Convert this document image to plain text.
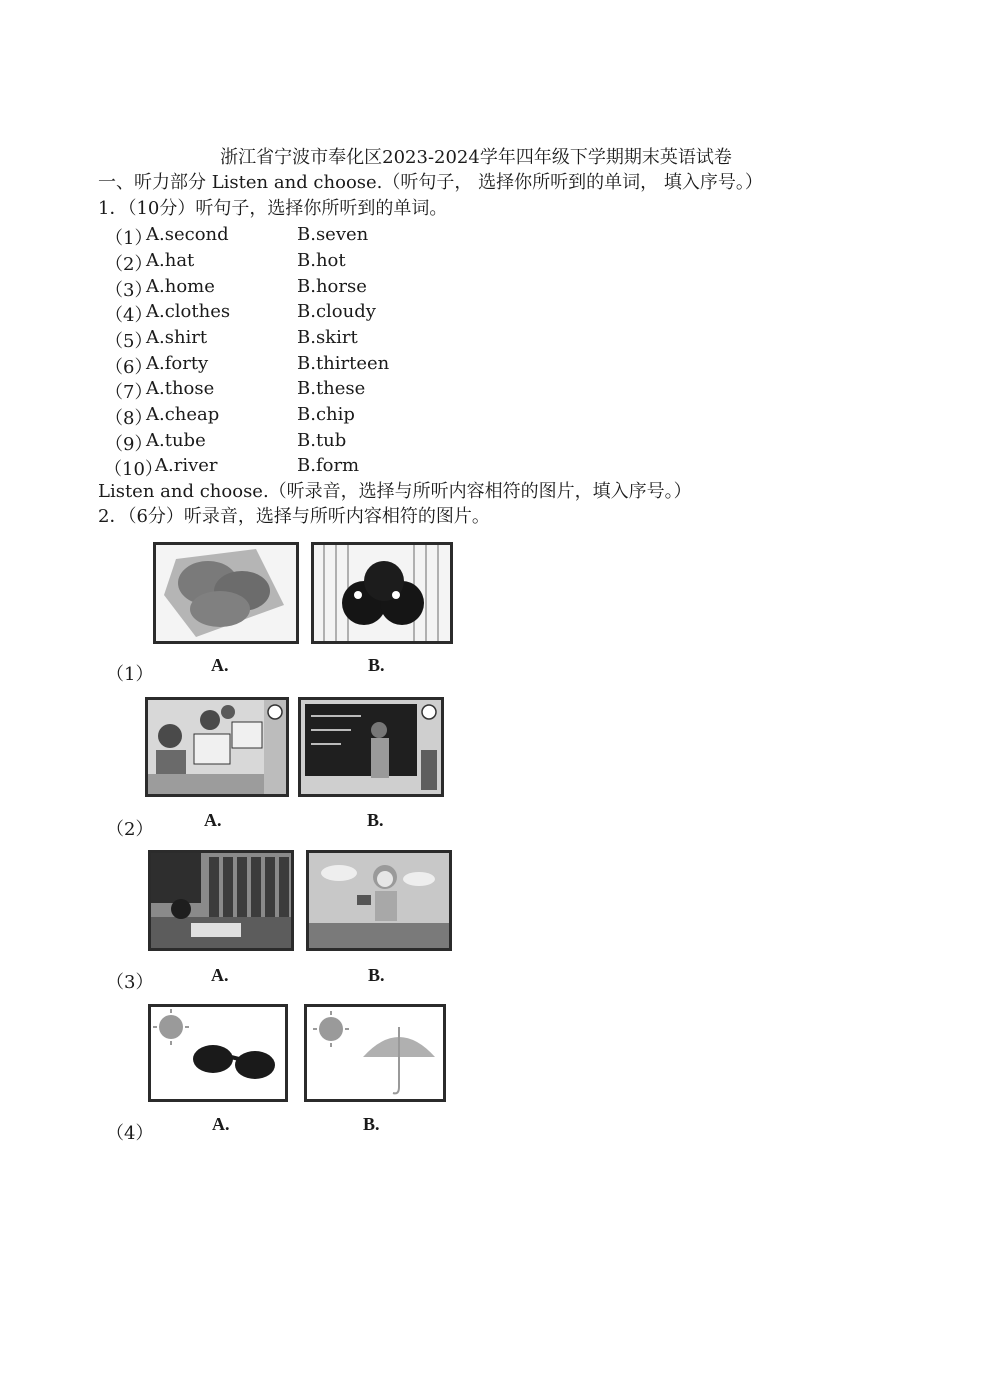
浙江省宁波市奉化区2023-2024学年四年级下学期期末英语试卷
一、听力部分 Listen and choose.（听句子， 选择你所听到的单词， 填入序号。）
1．（10分）听句子，选择你所听到的单词。
（1）
A.second	B.seven
（2）
A.hat	B.hot
（3）
A.home	B.horse
（4）
A.clothes	B.cloudy
（5）
A.shirt	B.skirt
（6）
A.forty	B.thirteen
（7）
A.those	B.these
（8）
A.cheap	B.chip
（9）
A.tube	B.tub
（10）
A.river	B.form
Listen and choose.（听录音，选择与所听内容相符的图片，填入序号。）
2．（6分）听录音，选择与所听内容相符的图片。
A.	B.
（1）
A.	B.
（2）
A.	B.
（3）
A.	B.
（4）
